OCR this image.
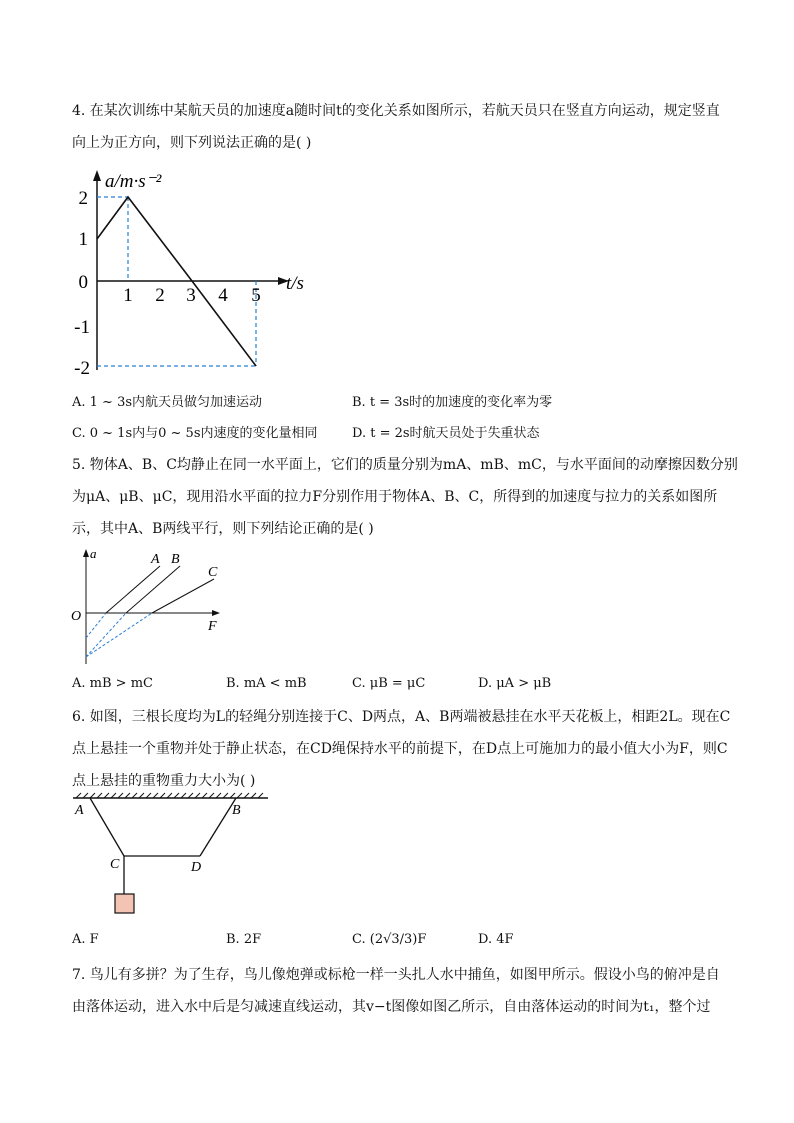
4. 在某次训练中某航天员的加速度a随时间t的变化关系如图所示，若航天员只在竖直方向运动，规定竖直
向上为正方向，则下列说法正确的是( )
2
1
0
-1
-2
1 2 3 4 5
a/m·s⁻²
t/s
A. 1 ~ 3s内航天员做匀加速运动	B. t = 3s时的加速度的变化率为零
C. 0 ~ 1s内与0 ~ 5s内速度的变化量相同	D. t = 2s时航天员处于失重状态
5. 物体A、B、C均静止在同一水平面上，它们的质量分别为mA、mB、mC，与水平面间的动摩擦因数分别
为μA、μB、μC，现用沿水平面的拉力F分别作用于物体A、B、C，所得到的加速度与拉力的关系如图所
示，其中A、B两线平行，则下列结论正确的是( )
a
F
O
A B
C
A. mB > mC	B. mA < mB	C. μB = μC	D. μA > μB
6. 如图，三根长度均为L的轻绳分别连接于C、D两点，A、B两端被悬挂在水平天花板上，相距2L。现在C
点上悬挂一个重物并处于静止状态，在CD绳保持水平的前提下，在D点上可施加力的最小值大小为F，则C
点上悬挂的重物重力大小为( )
A	B
C	D
A. F	B. 2F	C. (2√3/3)F	D. 4F
7. 鸟儿有多拼？为了生存，鸟儿像炮弹或标枪一样一头扎人水中捕鱼，如图甲所示。假设小鸟的俯冲是自
由落体运动，进入水中后是匀减速直线运动，其v−t图像如图乙所示，自由落体运动的时间为t₁，整个过
